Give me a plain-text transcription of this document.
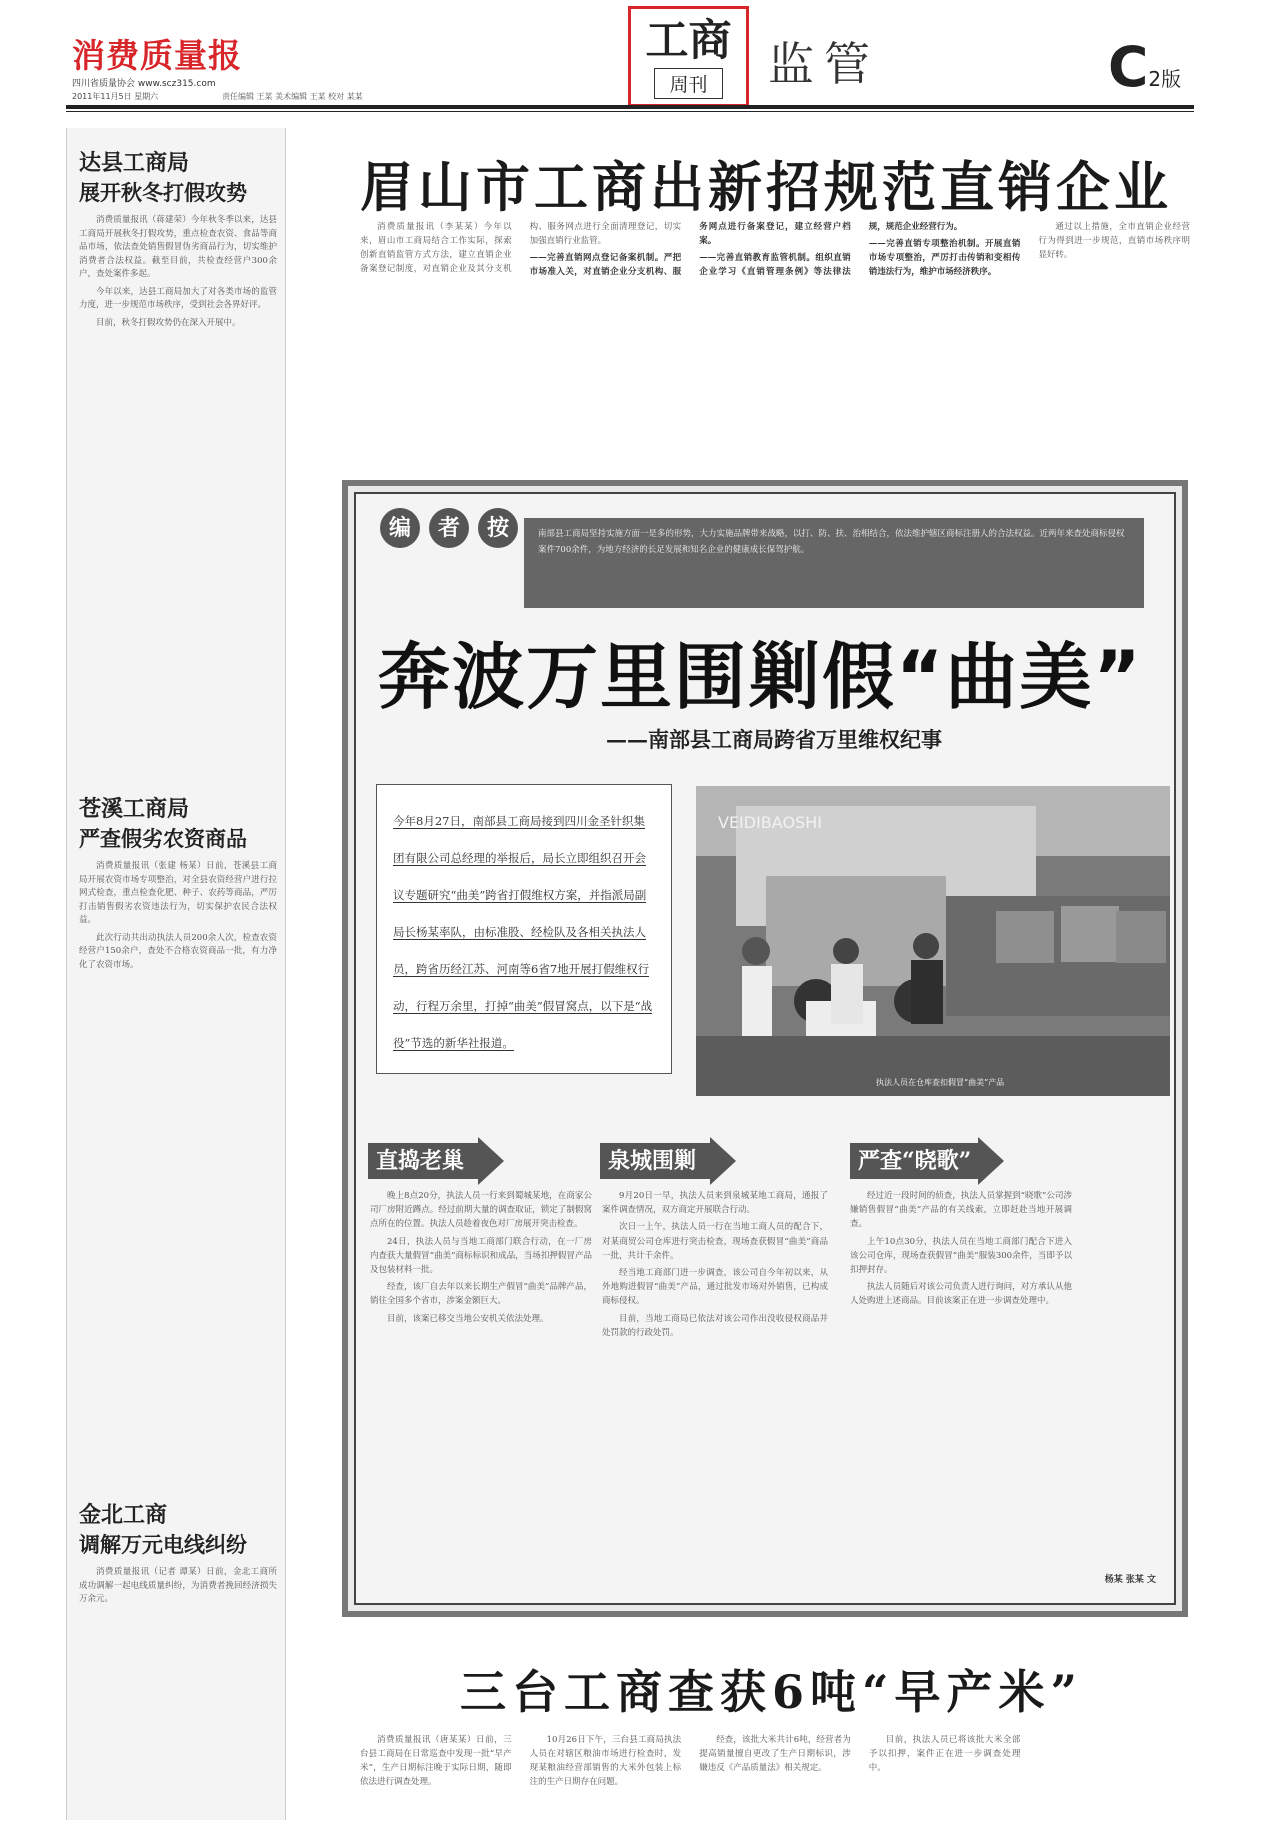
消费质量报
四川省质量协会 www.scz315.com
2011年11月5日 星期六	责任编辑 王某 美术编辑 王某 校对 某某
工商
周刊	监管	C2版
达县工商局
展开秋冬打假攻势

消费质量报讯（蒋建荣）今年秋冬季以来，达县工商局开展秋冬打假攻势，重点检查农资、食品等商品市场，依法查处销售假冒伪劣商品行为，切实维护消费者合法权益。截至目前，共检查经营户300余户，查处案件多起。

今年以来，达县工商局加大了对各类市场的监管力度，进一步规范市场秩序，受到社会各界好评。

目前，秋冬打假攻势仍在深入开展中。

苍溪工商局
严查假劣农资商品

消费质量报讯（张建 杨某）日前，苍溪县工商局开展农资市场专项整治，对全县农资经营户进行拉网式检查，重点检查化肥、种子、农药等商品，严厉打击销售假劣农资违法行为，切实保护农民合法权益。

此次行动共出动执法人员200余人次，检查农资经营户150余户，查处不合格农资商品一批，有力净化了农资市场。

金北工商
调解万元电线纠纷

消费质量报讯（记者 谭某）日前，金北工商所成功调解一起电线质量纠纷，为消费者挽回经济损失万余元。

眉山市工商出新招规范直销企业

消费质量报讯（李某某）今年以来，眉山市工商局结合工作实际，探索创新直销监管方式方法，建立直销企业备案登记制度，对直销企业及其分支机构、服务网点进行全面清理登记，切实加强直销行业监管。

——完善直销网点登记备案机制。严把市场准入关，对直销企业分支机构、服务网点进行备案登记，建立经营户档案。

——完善直销教育监管机制。组织直销企业学习《直销管理条例》等法律法规，规范企业经营行为。

——完善直销专项整治机制。开展直销市场专项整治，严厉打击传销和变相传销违法行为，维护市场经济秩序。

通过以上措施，全市直销企业经营行为得到进一步规范，直销市场秩序明显好转。

编 者 按	南部县工商局坚持实施方面一是多的形势，大力实施品牌带来战略，以打、防、扶、治相结合，依法维护辖区商标注册人的合法权益。近两年来查处商标侵权案件700余件，为地方经济的长足发展和知名企业的健康成长保驾护航。
奔波万里围剿假“曲美”
——南部县工商局跨省万里维权纪事
今年8月27日，南部县工商局接到四川金圣针织集团有限公司总经理的举报后，局长立即组织召开会议专题研究“曲美”跨省打假维权方案，并指派局副局长杨某率队，由标准股、经检队及各相关执法人员，跨省历经江苏、河南等6省7地开展打假维权行动，行程万余里，打掉“曲美”假冒窝点，以下是“战役”节选的新华社报道。
VEIDIBAOSHI
执法人员在仓库查扣假冒“曲美”产品
直捣老巢	泉城围剿	严查“晓歌”

晚上8点20分，执法人员一行来到蜀城某地，在商家公司厂房附近蹲点。经过前期大量的调查取证，锁定了制假窝点所在的位置。执法人员趁着夜色对厂房展开突击检查。

24日，执法人员与当地工商部门联合行动，在一厂房内查获大量假冒“曲美”商标标识和成品，当场扣押假冒产品及包装材料一批。

经查，该厂自去年以来长期生产假冒“曲美”品牌产品，销往全国多个省市，涉案金额巨大。

目前，该案已移交当地公安机关依法处理。

9月20日一早，执法人员来到泉城某地工商局，通报了案件调查情况，双方商定开展联合行动。

次日一上午，执法人员一行在当地工商人员的配合下，对某商贸公司仓库进行突击检查，现场查获假冒“曲美”商品一批，共计千余件。

经当地工商部门进一步调查，该公司自今年初以来，从外地购进假冒“曲美”产品，通过批发市场对外销售，已构成商标侵权。

目前，当地工商局已依法对该公司作出没收侵权商品并处罚款的行政处罚。

经过近一段时间的侦查，执法人员掌握到“晓歌”公司涉嫌销售假冒“曲美”产品的有关线索，立即赶赴当地开展调查。

上午10点30分，执法人员在当地工商部门配合下进入该公司仓库，现场查获假冒“曲美”服装300余件，当即予以扣押封存。

执法人员随后对该公司负责人进行询问，对方承认从他人处购进上述商品。目前该案正在进一步调查处理中。

杨某 张某 文
三台工商查获6吨“早产米”

消费质量报讯（唐某某）日前，三台县工商局在日常巡查中发现一批“早产米”，生产日期标注晚于实际日期，随即依法进行调查处理。

10月26日下午，三台县工商局执法人员在对辖区粮油市场进行检查时，发现某粮油经营部销售的大米外包装上标注的生产日期存在问题。

经查，该批大米共计6吨，经营者为提高销量擅自更改了生产日期标识，涉嫌违反《产品质量法》相关规定。

目前，执法人员已将该批大米全部予以扣押，案件正在进一步调查处理中。
